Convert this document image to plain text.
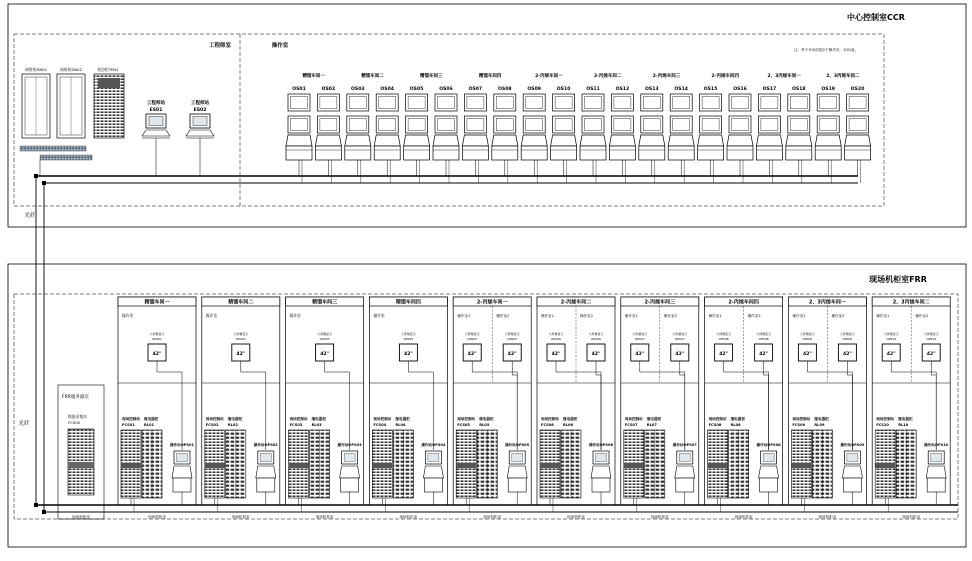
中心控制室CCR
工程师室	操作室
注：每个车间各配2个操作站，1用1备。
网络柜DN01	网络柜DN02	机房柜TEN1
工程师站
ES01
工程师站
ES02
精馏车间一	精馏车间二	精馏车间三	精馏车间四	2-丙烯车间一	2-丙烯车间二	2-丙烯车间三	2-丙烯车间四	2、3丙烯车间一	2、3丙烯车间二
OS01	OS02	OS03	OS04	OS05	OS06	OS07	OS08	OS09	OS10	OS11	OS12	OS13	OS14	OS15	OS16	OS17	OS18	OS19	OS20
光纤
光纤
现场机柜室FRR
FRR服务器室
数据采集站
FCS00
精馏车间一
操作室
大屏幕显示
OPS01
42"
现场控制站
FCS01
继电器柜
RL01
操作站OPS01
精馏车间二
操作室
大屏幕显示
OPS02
42"
现场控制站
FCS02
继电器柜
RL02
操作站OPS02
精馏车间三
操作室
大屏幕显示
OPS03
42"
现场控制站
FCS03
继电器柜
RL03
操作站OPS03
精馏车间四
操作室
大屏幕显示
OPS04
42"
现场控制站
FCS04
继电器柜
RL04
操作站OPS04
2-丙烯车间一
操作室1	操作室2
大屏幕显示
OPS05
42"
大屏幕显示
OPS05
42"
现场控制站
FCS05
继电器柜
RL05
操作站OPS05
2-丙烯车间二
操作室1	操作室2
大屏幕显示
OPS06
42"
大屏幕显示
OPS06
42"
现场控制站
FCS06
继电器柜
RL06
操作站OPS06
2-丙烯车间三
操作室1	操作室2
大屏幕显示
OPS07
42"
大屏幕显示
OPS07
42"
现场控制站
FCS07
继电器柜
RL07
操作站OPS07
2-丙烯车间四
操作室1	操作室2
大屏幕显示
OPS08
42"
大屏幕显示
OPS08
42"
现场控制站
FCS08
继电器柜
RL08
操作站OPS08
2、3丙烯车间一
操作室1	操作室2
大屏幕显示
OPS09
42"
大屏幕显示
OPS09
42"
现场控制站
FCS09
继电器柜
RL09
操作站OPS09
2、3丙烯车间二
操作室1	操作室2
大屏幕显示
OPS10
42"
大屏幕显示
OPS10
42"
现场控制站
FCS10
继电器柜
RL10
操作站OPS10
现场机柜室	现场机柜室	现场机柜室	现场机柜室	现场机柜室	现场机柜室	现场机柜室	现场机柜室	现场机柜室	现场机柜室
现场机柜室
